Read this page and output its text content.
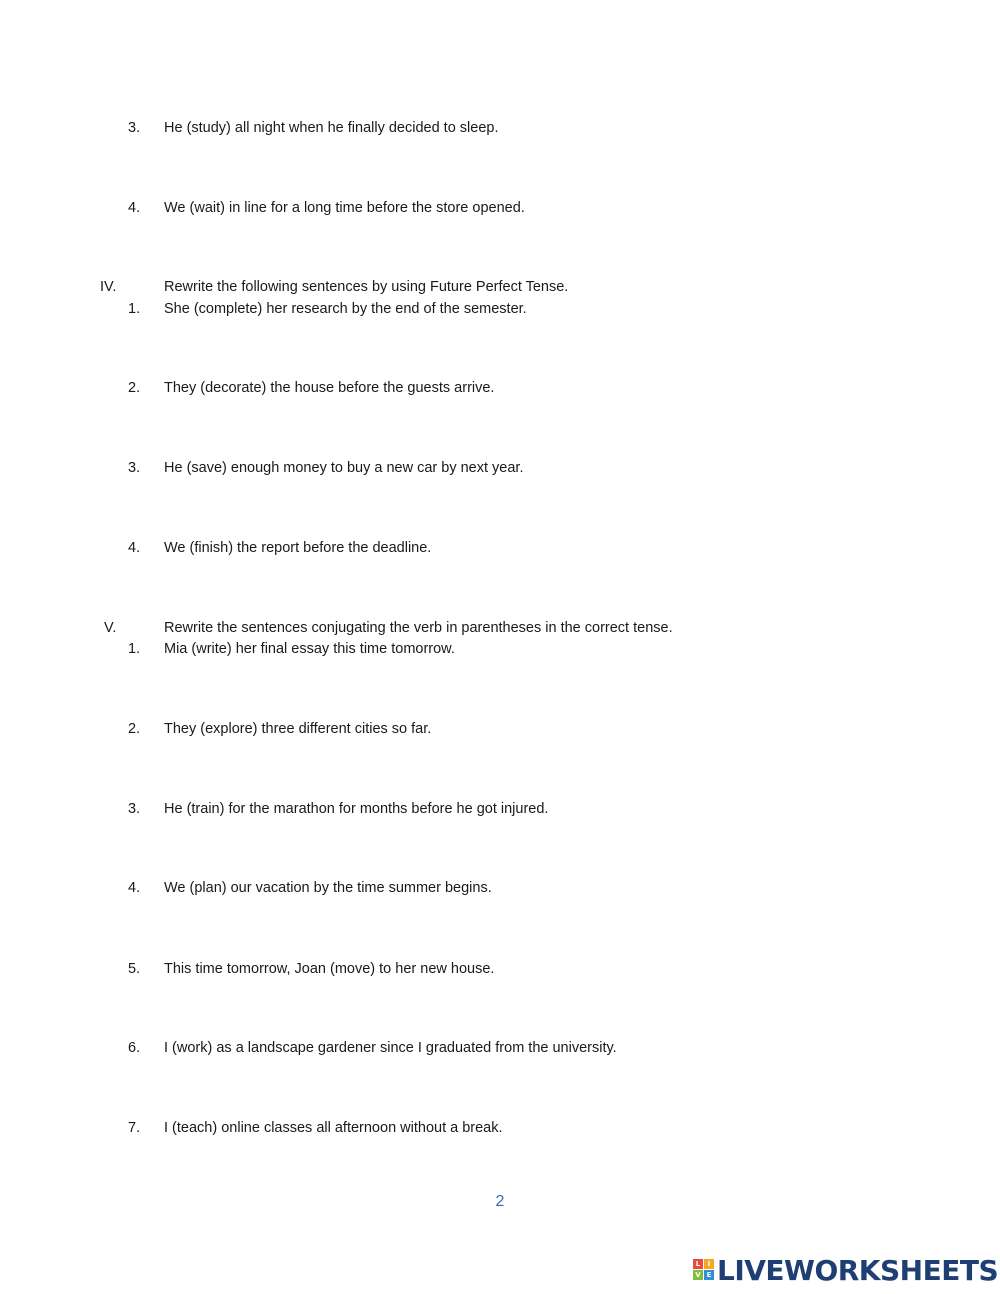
3. He (study) all night when he finally decided to sleep.
4. We (wait) in line for a long time before the store opened.
IV.	Rewrite the following sentences by using Future Perfect Tense.
1. She (complete) her research by the end of the semester.
2. They (decorate) the house before the guests arrive.
3. He (save) enough money to buy a new car by next year.
4. We (finish) the report before the deadline.
V.	Rewrite the sentences conjugating the verb in parentheses in the correct tense.
1. Mia (write) her final essay this time tomorrow.
2. They (explore) three different cities so far.
3. He (train) for the marathon for months before he got injured.
4. We (plan) our vacation by the time summer begins.
5. This time tomorrow, Joan (move) to her new house.
6. I (work) as a landscape gardener since I graduated from the university.
7. I (teach) online classes all afternoon without a break.
2
L	I
V E LIVEWORKSHEETS
